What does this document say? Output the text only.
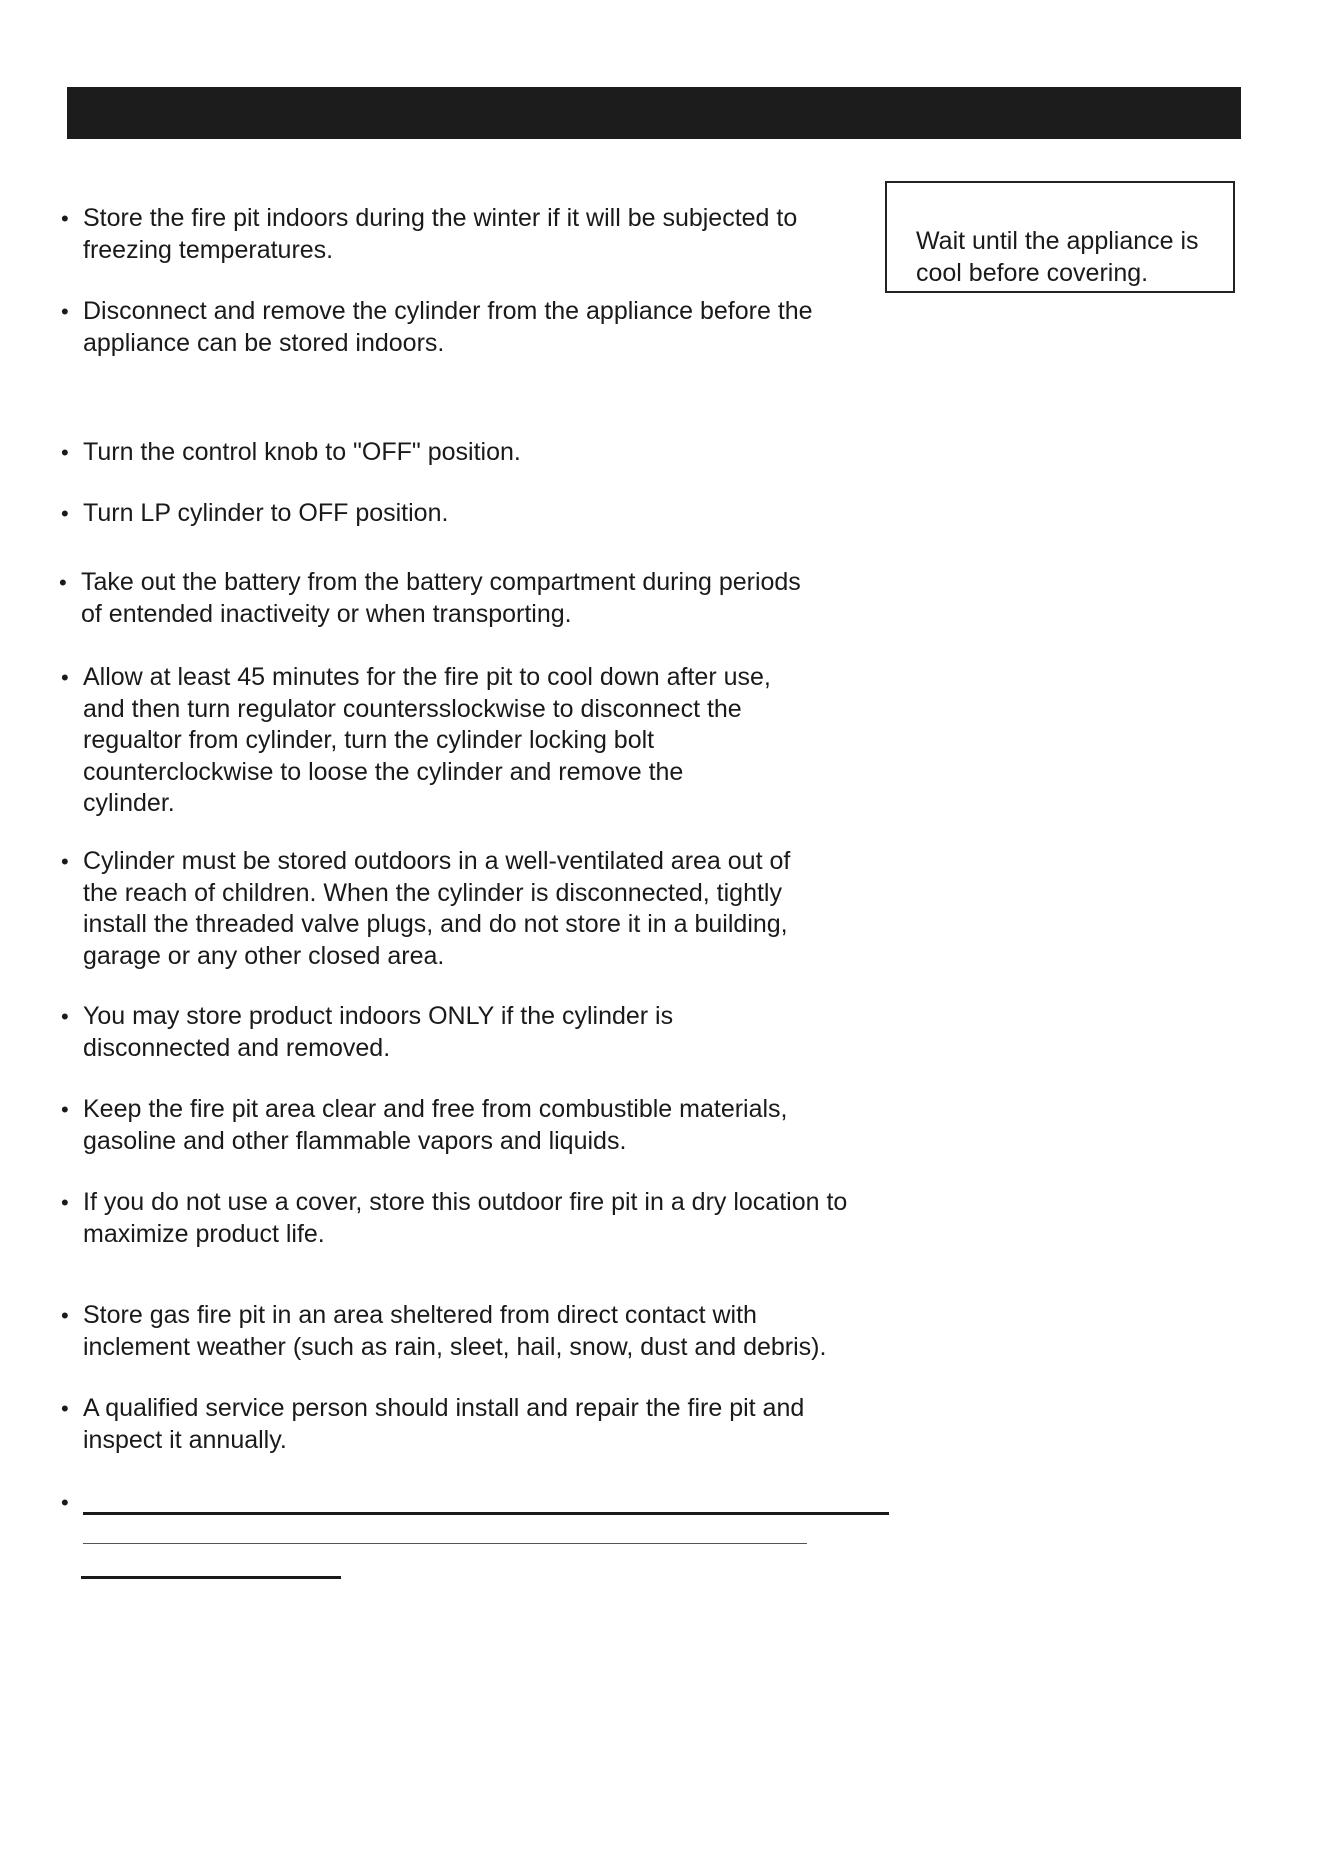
Wait until the appliance is
cool before covering.
• Store the fire pit indoors during the winter if it will be subjected to
freezing temperatures.
• Disconnect and remove the cylinder from the appliance before the
appliance can be stored indoors.
• Turn the control knob to "OFF" position.
• Turn LP cylinder to OFF position.
• Take out the battery from the battery compartment during periods
of entended inactiveity or when transporting.
• Allow at least 45 minutes for the fire pit to cool down after use,
and then turn regulator countersslockwise to disconnect the
regualtor from cylinder, turn the cylinder locking bolt
counterclockwise to loose the cylinder and remove the
cylinder.
• Cylinder must be stored outdoors in a well-ventilated area out of
the reach of children. When the cylinder is disconnected, tightly
install the threaded valve plugs, and do not store it in a building,
garage or any other closed area.
• You may store product indoors ONLY if the cylinder is
disconnected and removed.
• Keep the fire pit area clear and free from combustible materials,
gasoline and other flammable vapors and liquids.
• If you do not use a cover, store this outdoor fire pit in a dry location to
maximize product life.
• Store gas fire pit in an area sheltered from direct contact with
inclement weather (such as rain, sleet, hail, snow, dust and debris).
• A qualified service person should install and repair the fire pit and
inspect it annually.
•
